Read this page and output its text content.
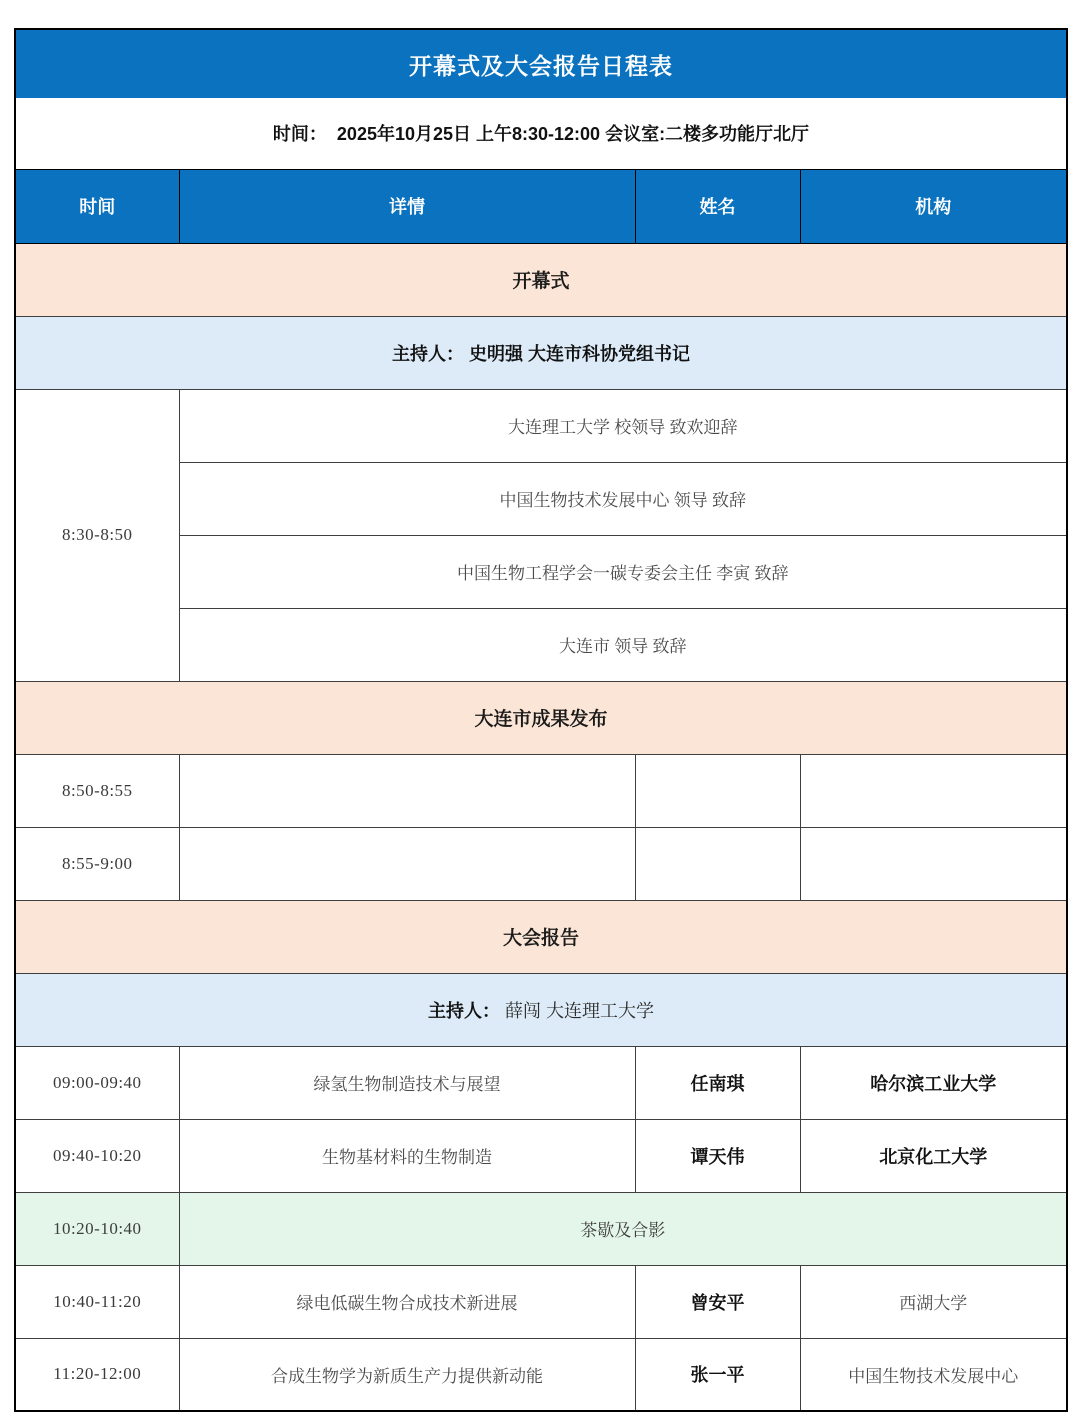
开幕式及大会报告日程表			
时间：  2025年10月25日 上午8:30-12:00 会议室:二楼多功能厅北厅			
时间	详情	姓名	机构
开幕式			
主持人： 史明强 大连市科协党组书记			
8:30-8:50	大连理工大学 校领导 致欢迎辞		
	中国生物技术发展中心 领导 致辞		
	中国生物工程学会一碳专委会主任 李寅 致辞		
	大连市 领导 致辞		
大连市成果发布			
8:50-8:55			
8:55-9:00			
大会报告			
主持人： 薛闯 大连理工大学			
09:00-09:40	绿氢生物制造技术与展望	任南琪	哈尔滨工业大学
09:40-10:20	生物基材料的生物制造	谭天伟	北京化工大学
10:20-10:40	茶歇及合影		
10:40-11:20	绿电低碳生物合成技术新进展	曾安平	西湖大学
11:20-12:00	合成生物学为新质生产力提供新动能	张一平	中国生物技术发展中心
